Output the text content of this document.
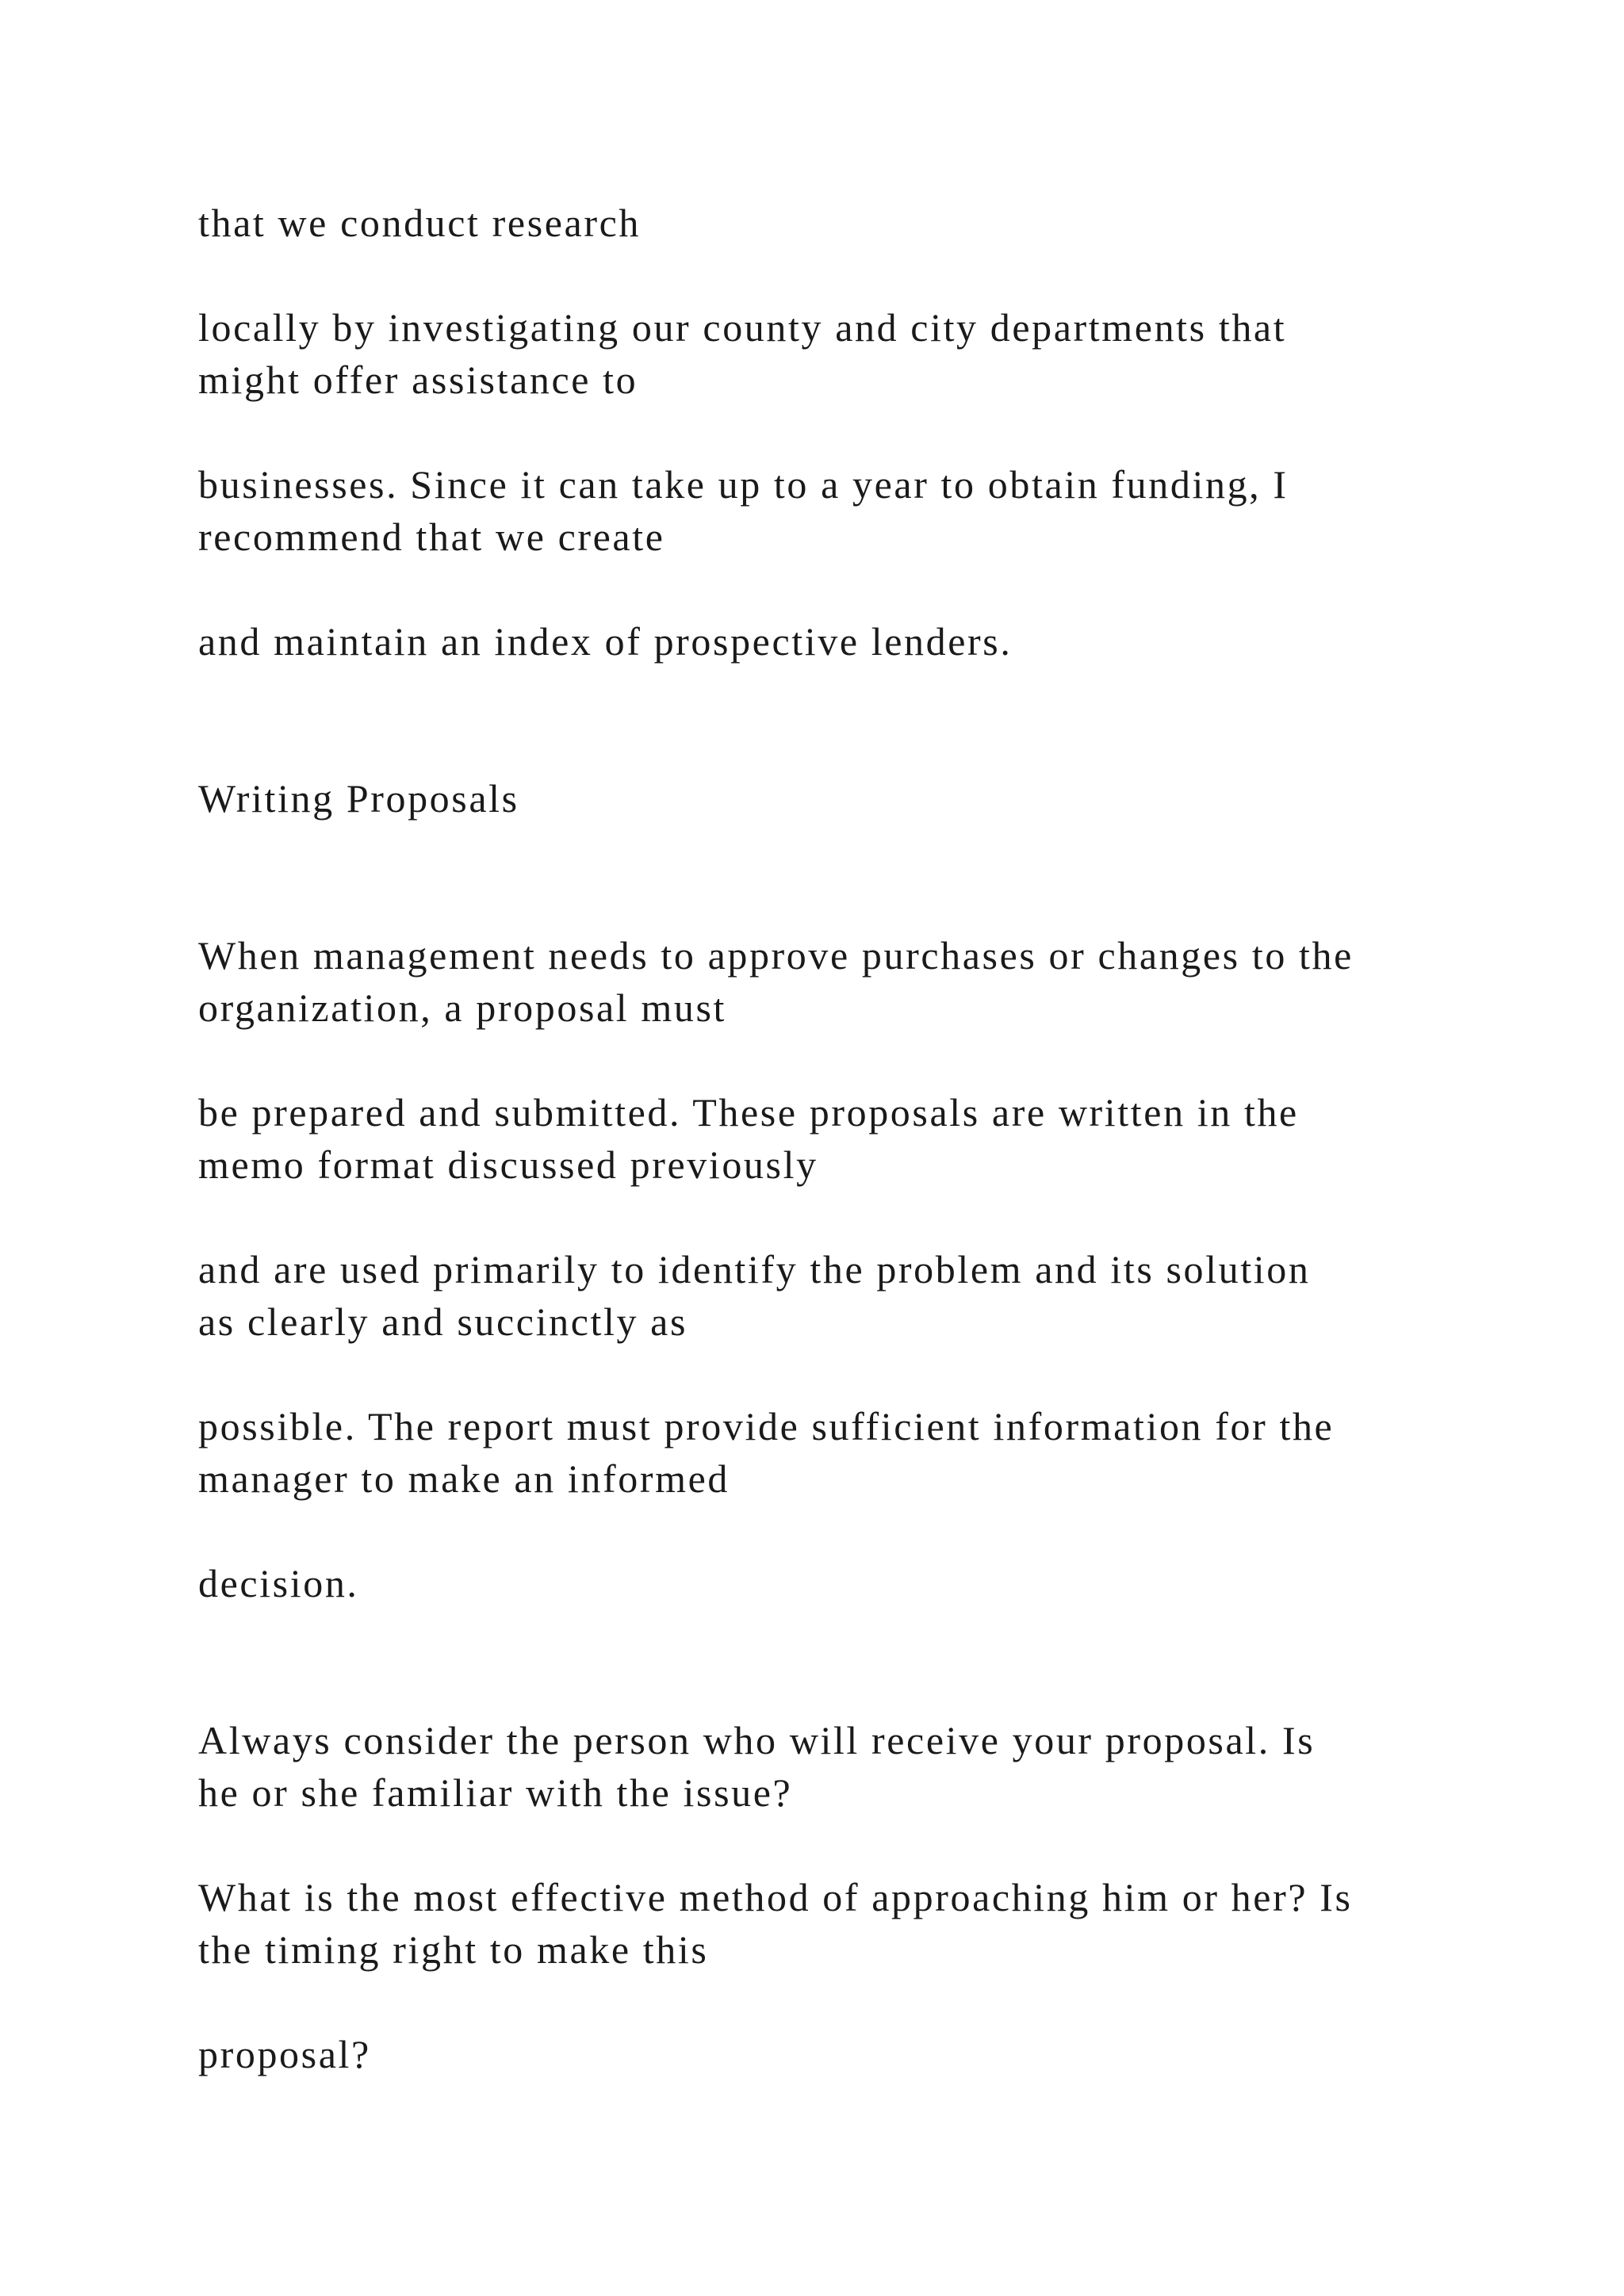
that we conduct research

locally by investigating our county and city departments that
might offer assistance to
businesses. Since it can take up to a year to obtain funding, I
recommend that we create

and maintain an index of prospective lenders.

Writing Proposals

When management needs to approve purchases or changes to the
organization, a proposal must
be prepared and submitted. These proposals are written in the
memo format discussed previously
and are used primarily to identify the problem and its solution
as clearly and succinctly as
possible. The report must provide sufficient information for the
manager to make an informed

decision.

Always consider the person who will receive your proposal. Is
he or she familiar with the issue?
What is the most effective method of approaching him or her? Is
the timing right to make this

proposal?
